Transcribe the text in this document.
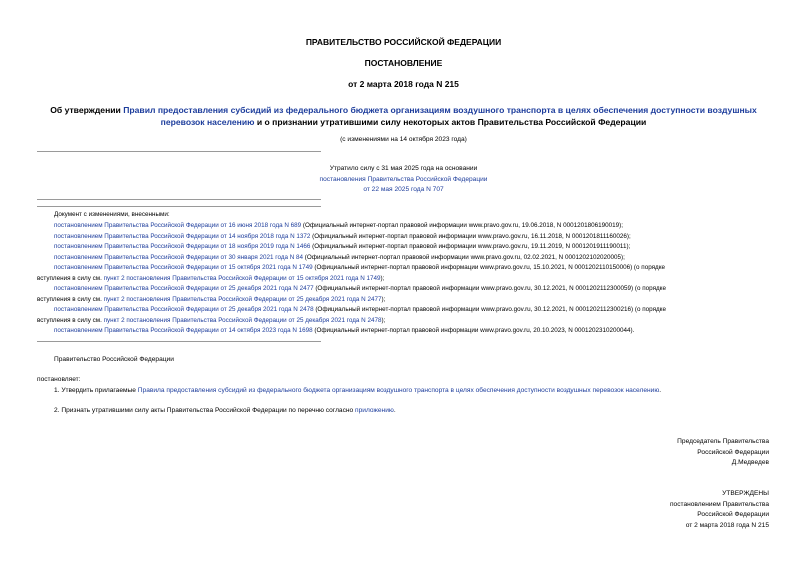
ПРАВИТЕЛЬСТВО РОССИЙСКОЙ ФЕДЕРАЦИИ
ПОСТАНОВЛЕНИЕ
от 2 марта 2018 года N 215
Об утверждении Правил предоставления субсидий из федерального бюджета организациям воздушного транспорта в целях обеспечения доступности воздушных
перевозок населению и о признании утратившими силу некоторых актов Правительства Российской Федерации
(с изменениями на 14 октября 2023 года)
Утратило силу с 31 мая 2025 года на основании
постановления Правительства Российской Федерации
от 22 мая 2025 года N 707
Документ с изменениями, внесенными:
постановлением Правительства Российской Федерации от 16 июня 2018 года N 689 (Официальный интернет-портал правовой информации www.pravo.gov.ru, 19.06.2018, N 0001201806190019);
постановлением Правительства Российской Федерации от 14 ноября 2018 года N 1372 (Официальный интернет-портал правовой информации www.pravo.gov.ru, 16.11.2018, N 0001201811160026);
постановлением Правительства Российской Федерации от 18 ноября 2019 года N 1466 (Официальный интернет-портал правовой информации www.pravo.gov.ru, 19.11.2019, N 0001201911190011);
постановлением Правительства Российской Федерации от 30 января 2021 года N 84 (Официальный интернет-портал правовой информации www.pravo.gov.ru, 02.02.2021, N 0001202102020005);
постановлением Правительства Российской Федерации от 15 октября 2021 года N 1749 (Официальный интернет-портал правовой информации www.pravo.gov.ru, 15.10.2021, N 0001202110150006) (о порядке
вступления в силу см. пункт 2 постановления Правительства Российской Федерации от 15 октября 2021 года N 1749);
постановлением Правительства Российской Федерации от 25 декабря 2021 года N 2477 (Официальный интернет-портал правовой информации www.pravo.gov.ru, 30.12.2021, N 0001202112300059) (о порядке
вступления в силу см. пункт 2 постановления Правительства Российской Федерации от 25 декабря 2021 года N 2477);
постановлением Правительства Российской Федерации от 25 декабря 2021 года N 2478 (Официальный интернет-портал правовой информации www.pravo.gov.ru, 30.12.2021, N 0001202112300216) (о порядке
вступления в силу см. пункт 2 постановления Правительства Российской Федерации от 25 декабря 2021 года N 2478);
постановлением Правительства Российской Федерации от 14 октября 2023 года N 1698 (Официальный интернет-портал правовой информации www.pravo.gov.ru, 20.10.2023, N 0001202310200044).
Правительство Российской Федерации
постановляет:
1. Утвердить прилагаемые Правила предоставления субсидий из федерального бюджета организациям воздушного транспорта в целях обеспечения доступности воздушных перевозок населению.
2. Признать утратившими силу акты Правительства Российской Федерации по перечню согласно приложению.
Председатель Правительства
Российской Федерации
Д.Медведев
УТВЕРЖДЕНЫ
постановлением Правительства
Российской Федерации
от 2 марта 2018 года N 215
